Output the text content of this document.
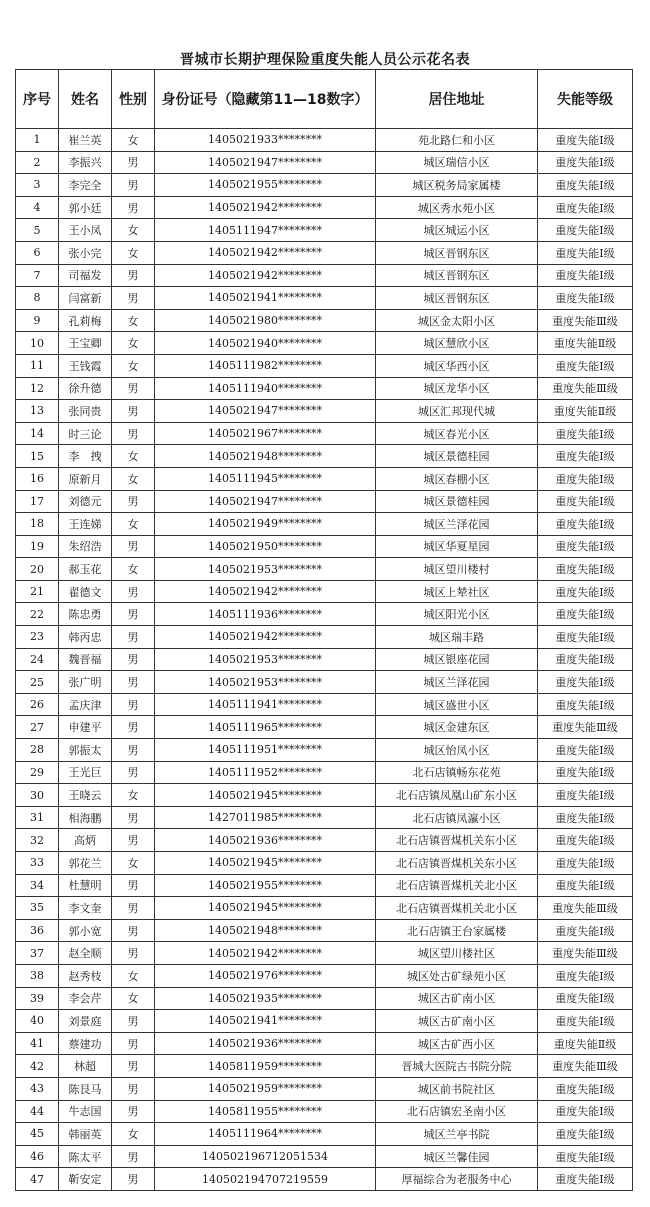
晋城市长期护理保险重度失能人员公示花名表
序号	姓名	性别	身份证号（隐藏第11—18数字）	居住地址	失能等级
1	崔兰英	女	1405021933********	苑北路仁和小区	重度失能Ⅰ级
2	李振兴	男	1405021947********	城区瑞信小区	重度失能Ⅰ级
3	李完全	男	1405021955********	城区税务局家属楼	重度失能Ⅰ级
4	郭小廷	男	1405021942********	城区秀水苑小区	重度失能Ⅰ级
5	王小凤	女	1405111947********	城区城运小区	重度失能Ⅰ级
6	张小完	女	1405021942********	城区晋钢东区	重度失能Ⅰ级
7	司福发	男	1405021942********	城区晋钢东区	重度失能Ⅰ级
8	闫富新	男	1405021941********	城区晋钢东区	重度失能Ⅰ级
9	孔莉梅	女	1405021980********	城区金太阳小区	重度失能Ⅲ级
10	王宝卿	女	1405021940********	城区慧欣小区	重度失能Ⅱ级
11	王钱霞	女	1405111982********	城区华西小区	重度失能Ⅰ级
12	徐升德	男	1405111940********	城区龙华小区	重度失能Ⅲ级
13	张同贵	男	1405021947********	城区汇邦现代城	重度失能Ⅱ级
14	时三论	男	1405021967********	城区春光小区	重度失能Ⅰ级
15	李　拽	女	1405021948********	城区景德桂园	重度失能Ⅰ级
16	原新月	女	1405111945********	城区春棚小区	重度失能Ⅰ级
17	刘德元	男	1405021947********	城区景德桂园	重度失能Ⅰ级
18	王连娣	女	1405021949********	城区兰泽花园	重度失能Ⅰ级
19	朱绍浩	男	1405021950********	城区华夏星园	重度失能Ⅰ级
20	郝玉花	女	1405021953********	城区望川楼村	重度失能Ⅰ级
21	翟德文	男	1405021942********	城区上辇社区	重度失能Ⅰ级
22	陈忠勇	男	1405111936********	城区阳光小区	重度失能Ⅰ级
23	韩丙忠	男	1405021942********	城区瑞丰路	重度失能Ⅰ级
24	魏晋福	男	1405021953********	城区银座花园	重度失能Ⅰ级
25	张广明	男	1405021953********	城区兰泽花园	重度失能Ⅰ级
26	孟庆津	男	1405111941********	城区盛世小区	重度失能Ⅰ级
27	申建平	男	1405111965********	城区金建东区	重度失能Ⅲ级
28	郭振太	男	1405111951********	城区怡凤小区	重度失能Ⅰ级
29	王光巨	男	1405111952********	北石店镇畅东花苑	重度失能Ⅰ级
30	王晓云	女	1405021945********	北石店镇凤凰山矿东小区	重度失能Ⅰ级
31	相海鹏	男	1427011985********	北石店镇凤瀛小区	重度失能Ⅰ级
32	高炳	男	1405021936********	北石店镇晋煤机关东小区	重度失能Ⅰ级
33	郭花兰	女	1405021945********	北石店镇晋煤机关东小区	重度失能Ⅰ级
34	杜慧明	男	1405021955********	北石店镇晋煤机关北小区	重度失能Ⅰ级
35	李文奎	男	1405021945********	北石店镇晋煤机关北小区	重度失能Ⅲ级
36	郭小宽	男	1405021948********	北石店镇王台家属楼	重度失能Ⅰ级
37	赵全顺	男	1405021942********	城区望川楼社区	重度失能Ⅲ级
38	赵秀枝	女	1405021976********	城区处古矿绿苑小区	重度失能Ⅰ级
39	李会芹	女	1405021935********	城区古矿南小区	重度失能Ⅰ级
40	刘景庭	男	1405021941********	城区古矿南小区	重度失能Ⅰ级
41	蔡建功	男	1405021936********	城区古矿西小区	重度失能Ⅱ级
42	林超	男	1405811959********	晋城大医院古书院分院	重度失能Ⅲ级
43	陈艮马	男	1405021959********	城区前书院社区	重度失能Ⅰ级
44	牛志国	男	1405811955********	北石店镇宏圣南小区	重度失能Ⅰ级
45	韩丽英	女	1405111964********	城区兰亭书院	重度失能Ⅰ级
46	陈太平	男	140502196712051534	城区兰馨佳园	重度失能Ⅰ级
47	靳安定	男	140502194707219559	厚福综合为老服务中心	重度失能Ⅰ级
